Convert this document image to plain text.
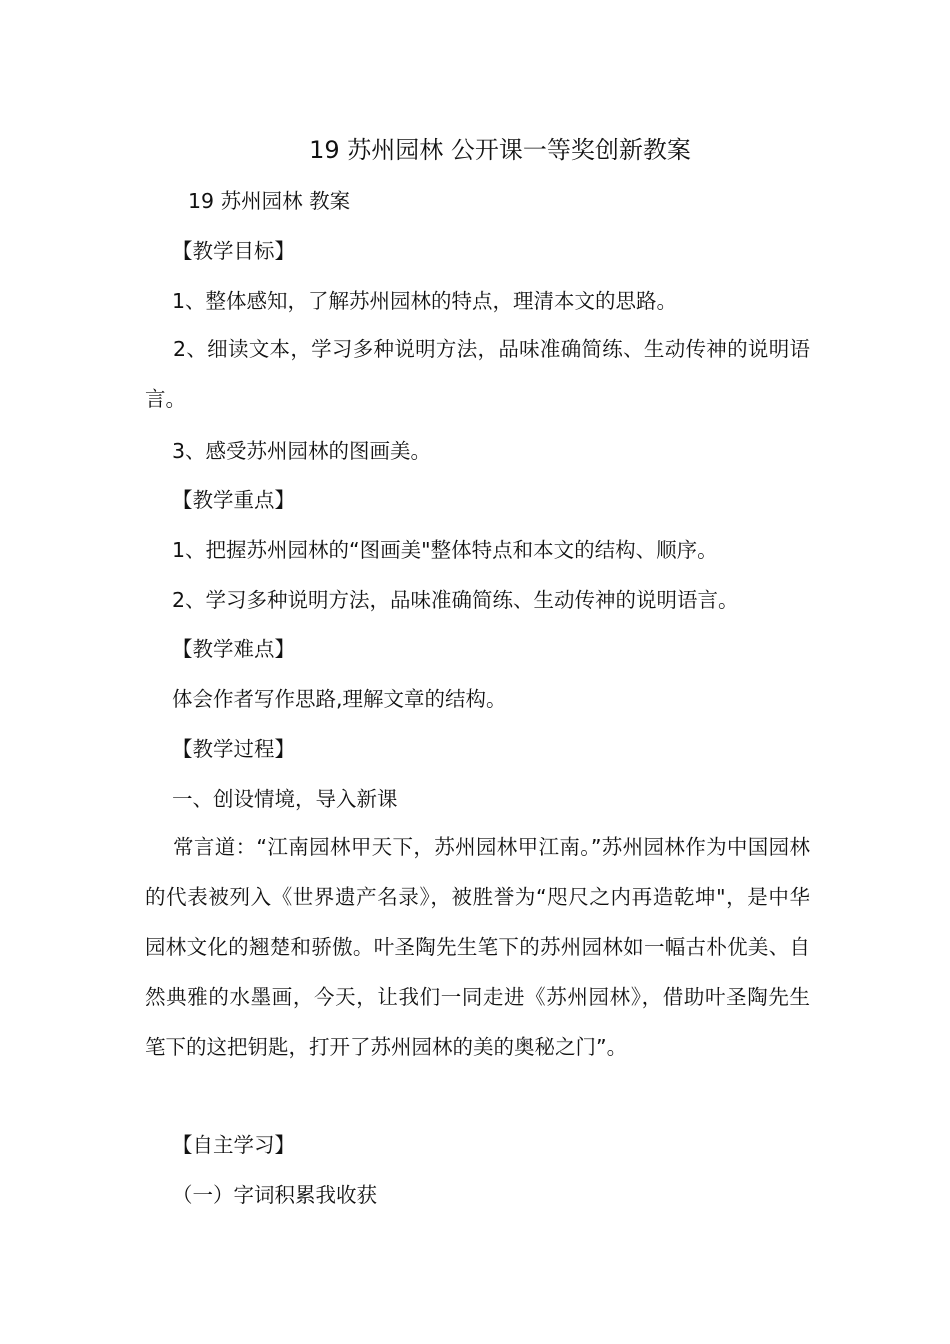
19 苏州园林 公开课一等奖创新教案
19 苏州园林 教案
【教学目标】
1、整体感知，了解苏州园林的特点，理清本文的思路。

2、细读文本，学习多种说明方法，品味准确简练、生动传神的说明语言。

3、感受苏州园林的图画美。
【教学重点】
1、把握苏州园林的“图画美"整体特点和本文的结构、顺序。
2、学习多种说明方法，品味准确简练、生动传神的说明语言。
【教学难点】
体会作者写作思路,理解文章的结构。
【教学过程】
一、创设情境，导入新课

常言道：“江南园林甲天下，苏州园林甲江南。”苏州园林作为中国园林的代表被列入《世界遗产名录》，被胜誉为“咫尺之内再造乾坤"，是中华园林文化的翘楚和骄傲。叶圣陶先生笔下的苏州园林如一幅古朴优美、自然典雅的水墨画，今天，让我们一同走进《苏州园林》，借助叶圣陶先生笔下的这把钥匙，打开了苏州园林的美的奥秘之门”。

【自主学习】
（一）字词积累我收获
